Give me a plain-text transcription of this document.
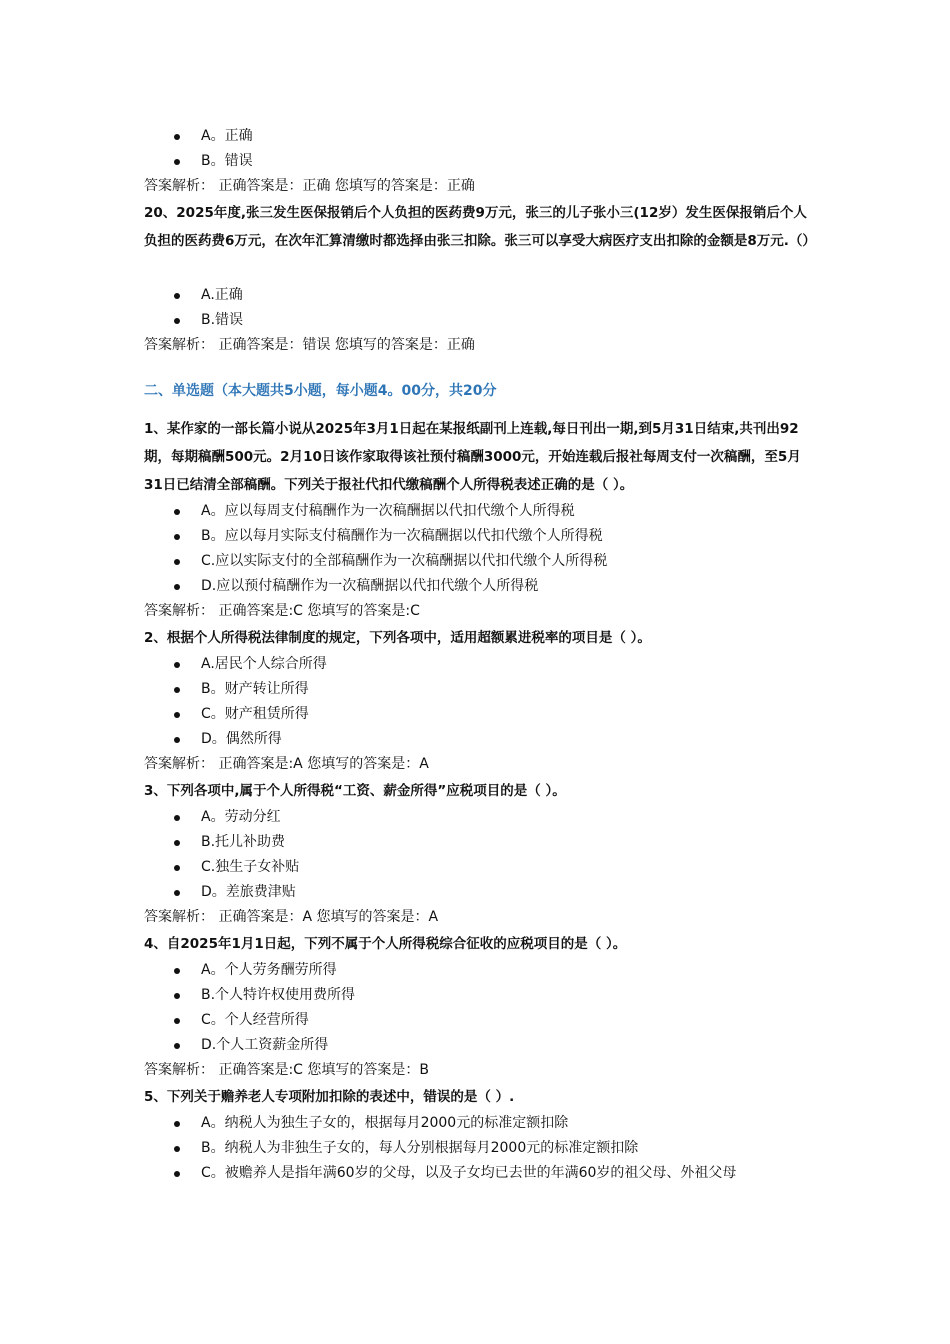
A。正确
B。错误
答案解析： 正确答案是：正确 您填写的答案是：正确
20、2025年度,张三发生医保报销后个人负担的医药费9万元，张三的儿子张小三(12岁）发生医保报销后个人负担的医药费6万元，在次年汇算清缴时都选择由张三扣除。张三可以享受大病医疗支出扣除的金额是8万元.（）
A.正确
B.错误
答案解析： 正确答案是：错误 您填写的答案是：正确
二、单选题（本大题共5小题，每小题4。00分，共20分
1、某作家的一部长篇小说从2025年3月1日起在某报纸副刊上连载,每日刊出一期,到5月31日结束,共刊出92期，每期稿酬500元。2月10日该作家取得该社预付稿酬3000元，开始连载后报社每周支付一次稿酬，至5月31日已结清全部稿酬。下列关于报社代扣代缴稿酬个人所得税表述正确的是（ ）。
A。应以每周支付稿酬作为一次稿酬据以代扣代缴个人所得税
B。应以每月实际支付稿酬作为一次稿酬据以代扣代缴个人所得税
C.应以实际支付的全部稿酬作为一次稿酬据以代扣代缴个人所得税
D.应以预付稿酬作为一次稿酬据以代扣代缴个人所得税
答案解析： 正确答案是:C 您填写的答案是:C
2、根据个人所得税法律制度的规定，下列各项中，适用超额累进税率的项目是（ ）。
A.居民个人综合所得
B。财产转让所得
C。财产租赁所得
D。偶然所得
答案解析： 正确答案是:A 您填写的答案是：A
3、下列各项中,属于个人所得税“工资、薪金所得”应税项目的是（ ）。
A。劳动分红
B.托儿补助费
C.独生子女补贴
D。差旅费津贴
答案解析： 正确答案是：A 您填写的答案是：A
4、自2025年1月1日起，下列不属于个人所得税综合征收的应税项目的是（ ）。
A。个人劳务酬劳所得
B.个人特许权使用费所得
C。个人经营所得
D.个人工资薪金所得
答案解析： 正确答案是:C 您填写的答案是：B
5、下列关于赡养老人专项附加扣除的表述中，错误的是（ ）.
A。纳税人为独生子女的，根据每月2000元的标准定额扣除
B。纳税人为非独生子女的，每人分别根据每月2000元的标准定额扣除
C。被赡养人是指年满60岁的父母，以及子女均已去世的年满60岁的祖父母、外祖父母
